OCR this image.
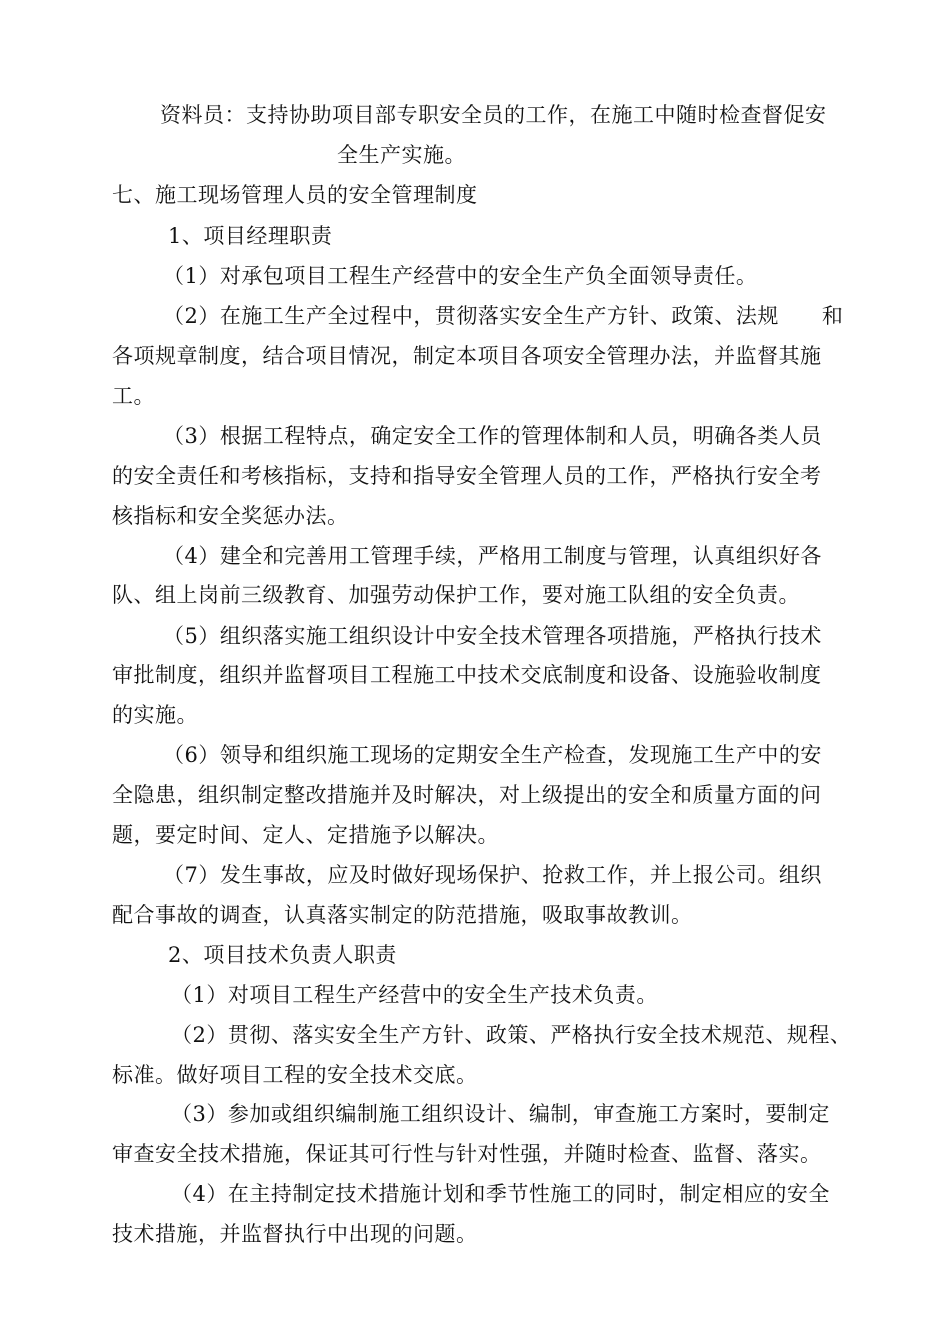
资料员：支持协助项目部专职安全员的工作，在施工中随时检查督促安
全生产实施。
七、施工现场管理人员的安全管理制度
1、项目经理职责
（1）对承包项目工程生产经营中的安全生产负全面领导责任。
（2）在施工生产全过程中，贯彻落实安全生产方针、政策、法规　　和
各项规章制度，结合项目情况，制定本项目各项安全管理办法，并监督其施
工。
（3）根据工程特点，确定安全工作的管理体制和人员，明确各类人员
的安全责任和考核指标，支持和指导安全管理人员的工作，严格执行安全考
核指标和安全奖惩办法。
（4）建全和完善用工管理手续，严格用工制度与管理，认真组织好各
队、组上岗前三级教育、加强劳动保护工作，要对施工队组的安全负责。
（5）组织落实施工组织设计中安全技术管理各项措施，严格执行技术
审批制度，组织并监督项目工程施工中技术交底制度和设备、设施验收制度
的实施。
（6）领导和组织施工现场的定期安全生产检查，发现施工生产中的安
全隐患，组织制定整改措施并及时解决，对上级提出的安全和质量方面的问
题，要定时间、定人、定措施予以解决。
（7）发生事故，应及时做好现场保护、抢救工作，并上报公司。组织
配合事故的调查，认真落实制定的防范措施，吸取事故教训。
2、项目技术负责人职责
（1）对项目工程生产经营中的安全生产技术负责。
（2）贯彻、落实安全生产方针、政策、严格执行安全技术规范、规程、
标准。做好项目工程的安全技术交底。
（3）参加或组织编制施工组织设计、编制，审查施工方案时，要制定
审查安全技术措施，保证其可行性与针对性强，并随时检查、监督、落实。
（4）在主持制定技术措施计划和季节性施工的同时，制定相应的安全
技术措施，并监督执行中出现的问题。
